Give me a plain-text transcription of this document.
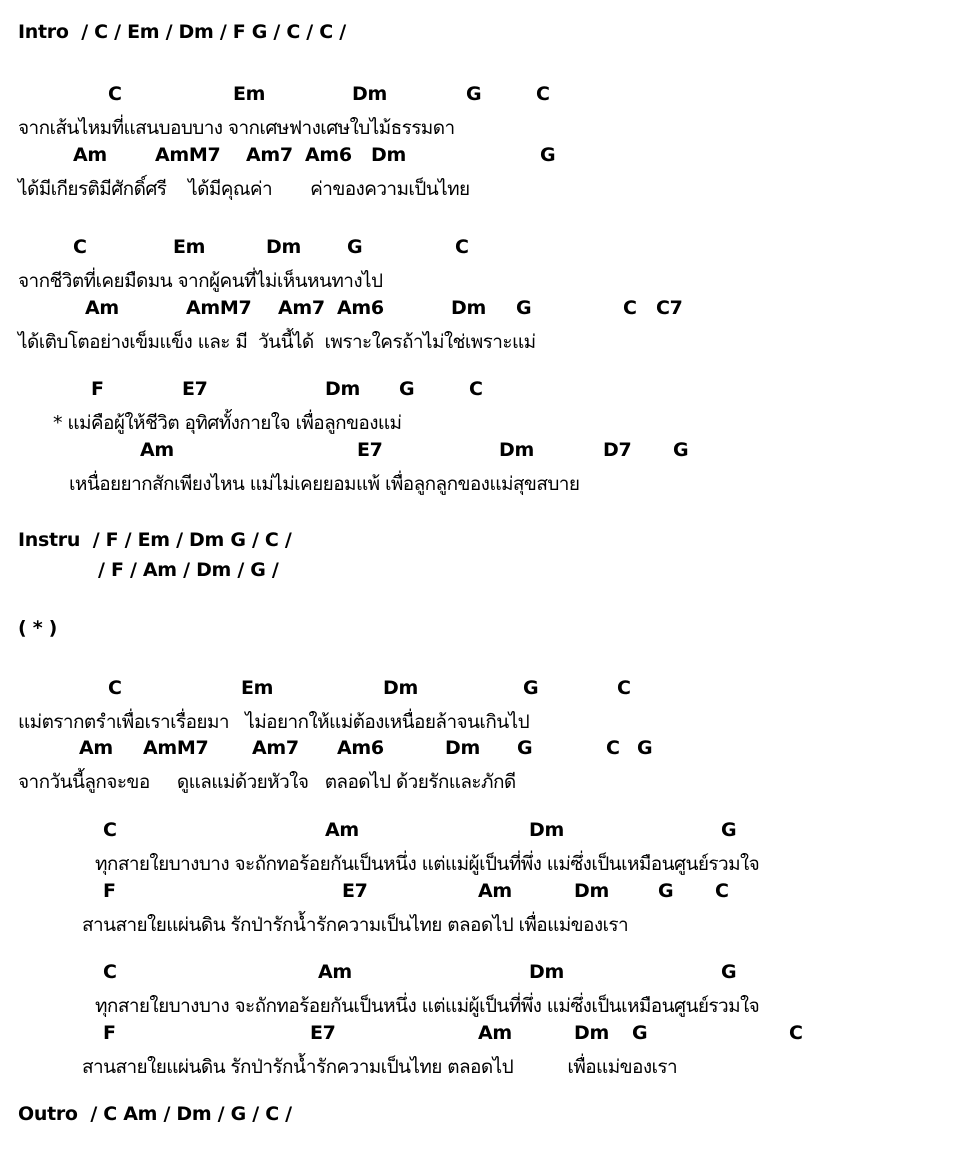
Intro  / C / Em / Dm / F G / C / C /
C	Em	Dm	G	C
จากเส้นไหมที่แสนบอบบาง จากเศษฟางเศษใบไม้ธรรมดา
Am	AmM7 Am7 Am6 Dm	G
ได้มีเกียรติมีศักดิ์ศรี    ได้มีคุณค่า       ค่าของความเป็นไทย
C	Em	Dm G	C
จากชีวิตที่เคยมืดมน จากผู้คนที่ไม่เห็นหนทางไป
Am	AmM7 Am7 Am6	Dm G	C C7
ได้เติบโตอย่างเข็มแข็ง และ มี  วันนี้ได้  เพราะใครถ้าไม่ใช่เพราะแม่
F	E7	Dm G	C
* แม่คือผู้ให้ชีวิต อุทิศทั้งกายใจ เพื่อลูกของแม่
Am	E7	Dm	D7 G
เหนื่อยยากสักเพียงไหน แม่ไม่เคยยอมแพ้ เพื่อลูกลูกของแม่สุขสบาย
Instru  / F / Em / Dm G / C /
/ F / Am / Dm / G /
( * )
C	Em	Dm	G	C
แม่ตรากตรำเพื่อเราเรื่อยมา   ไม่อยากให้แม่ต้องเหนื่อยล้าจนเกินไป
Am AmM7 Am7 Am6	Dm G	C G
จากวันนี้ลูกจะขอ     ดูแลแม่ด้วยหัวใจ   ตลอดไป ด้วยรักและภักดี
C	Am	Dm	G
ทุกสายใยบางบาง จะถักทอร้อยกันเป็นหนึ่ง แต่แม่ผู้เป็นที่พึ่ง แม่ซึ่งเป็นเหมือนศูนย์รวมใจ
F	E7	Am	Dm	G C
สานสายใยแผ่นดิน รักป่ารักน้ำรักความเป็นไทย ตลอดไป เพื่อแม่ของเรา
C	Am	Dm	G
ทุกสายใยบางบาง จะถักทอร้อยกันเป็นหนึ่ง แต่แม่ผู้เป็นที่พึ่ง แม่ซึ่งเป็นเหมือนศูนย์รวมใจ
F	E7	Am	Dm G	C
สานสายใยแผ่นดิน รักป่ารักน้ำรักความเป็นไทย ตลอดไป          เพื่อแม่ของเรา
Outro  / C Am / Dm / G / C /
